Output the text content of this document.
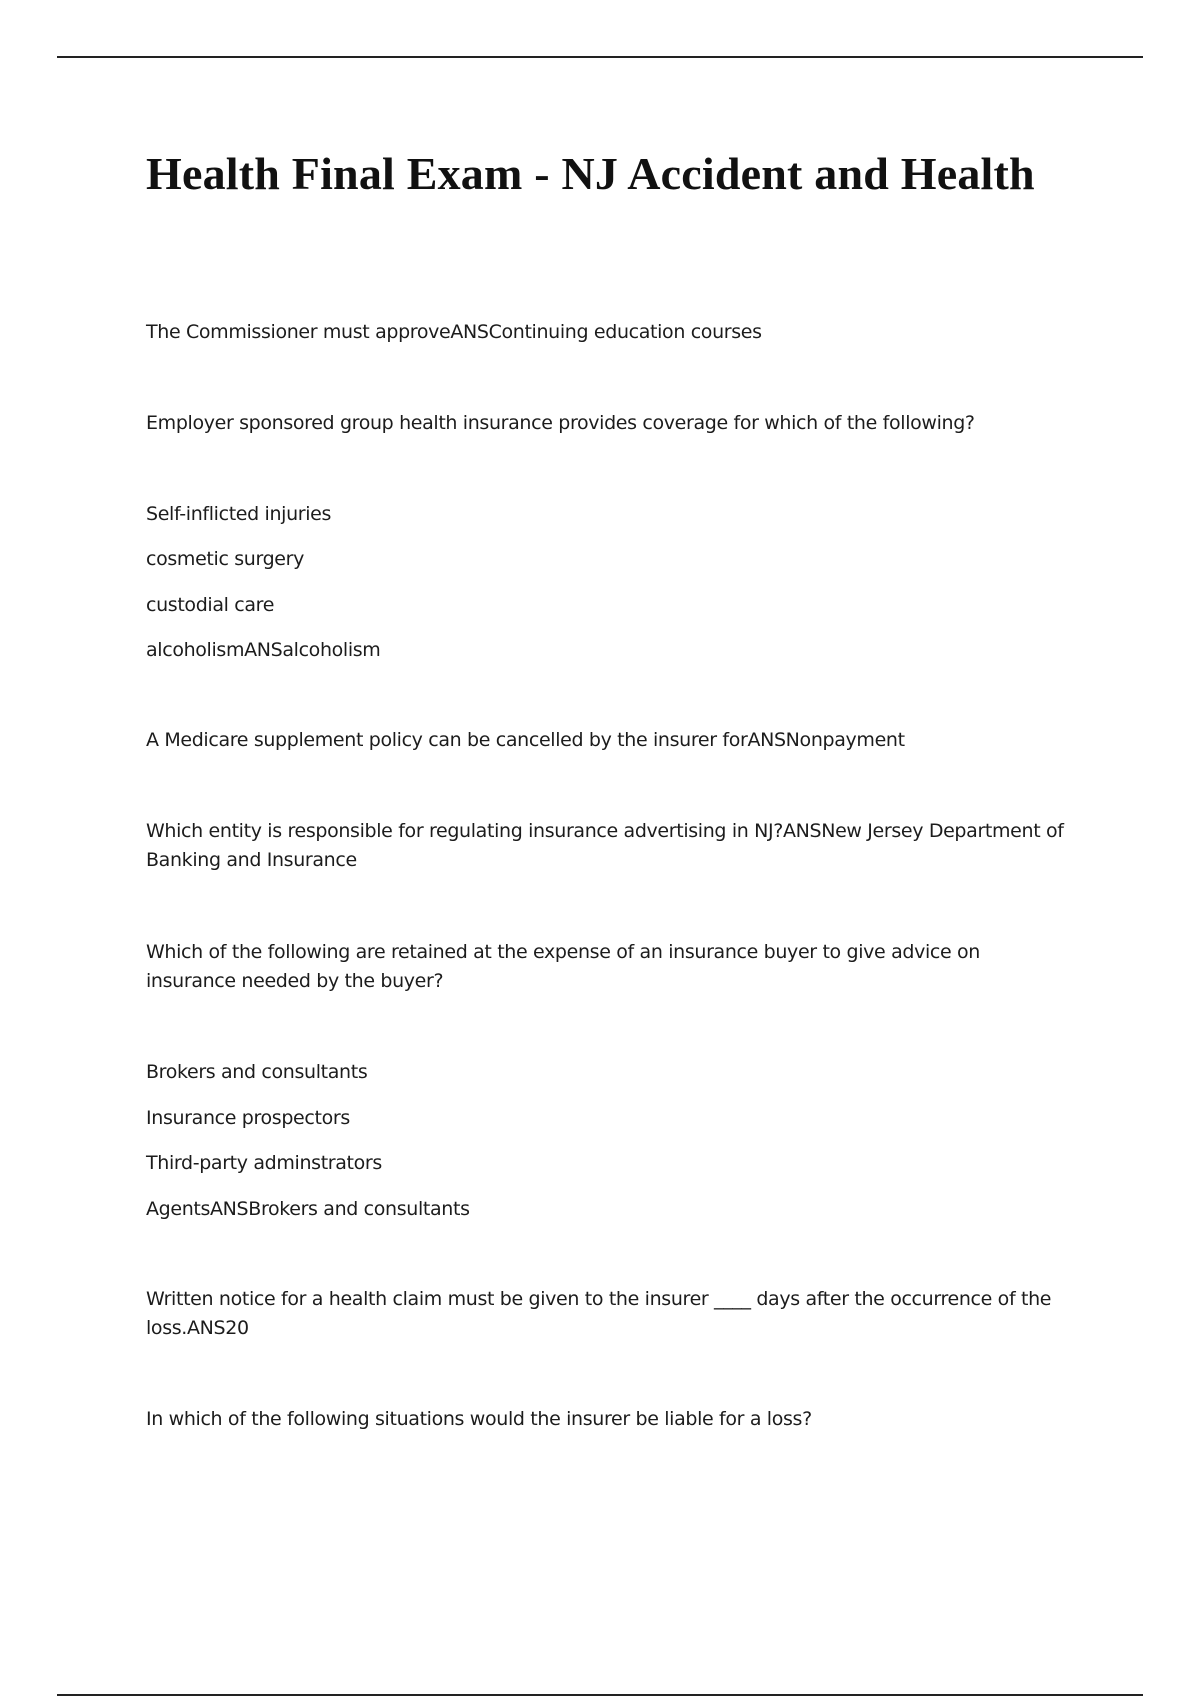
Health Final Exam - NJ Accident and Health

The Commissioner must approveANSContinuing education courses

Employer sponsored group health insurance provides coverage for which of the following?

Self-inflicted injuries

cosmetic surgery

custodial care

alcoholismANSalcoholism

A Medicare supplement policy can be cancelled by the insurer forANSNonpayment

Which entity is responsible for regulating insurance advertising in NJ?ANSNew Jersey Department of Banking and Insurance

Which of the following are retained at the expense of an insurance buyer to give advice on insurance needed by the buyer?

Brokers and consultants

Insurance prospectors

Third-party adminstrators

AgentsANSBrokers and consultants

Written notice for a health claim must be given to the insurer ____ days after the occurrence of the loss.ANS20

In which of the following situations would the insurer be liable for a loss?
